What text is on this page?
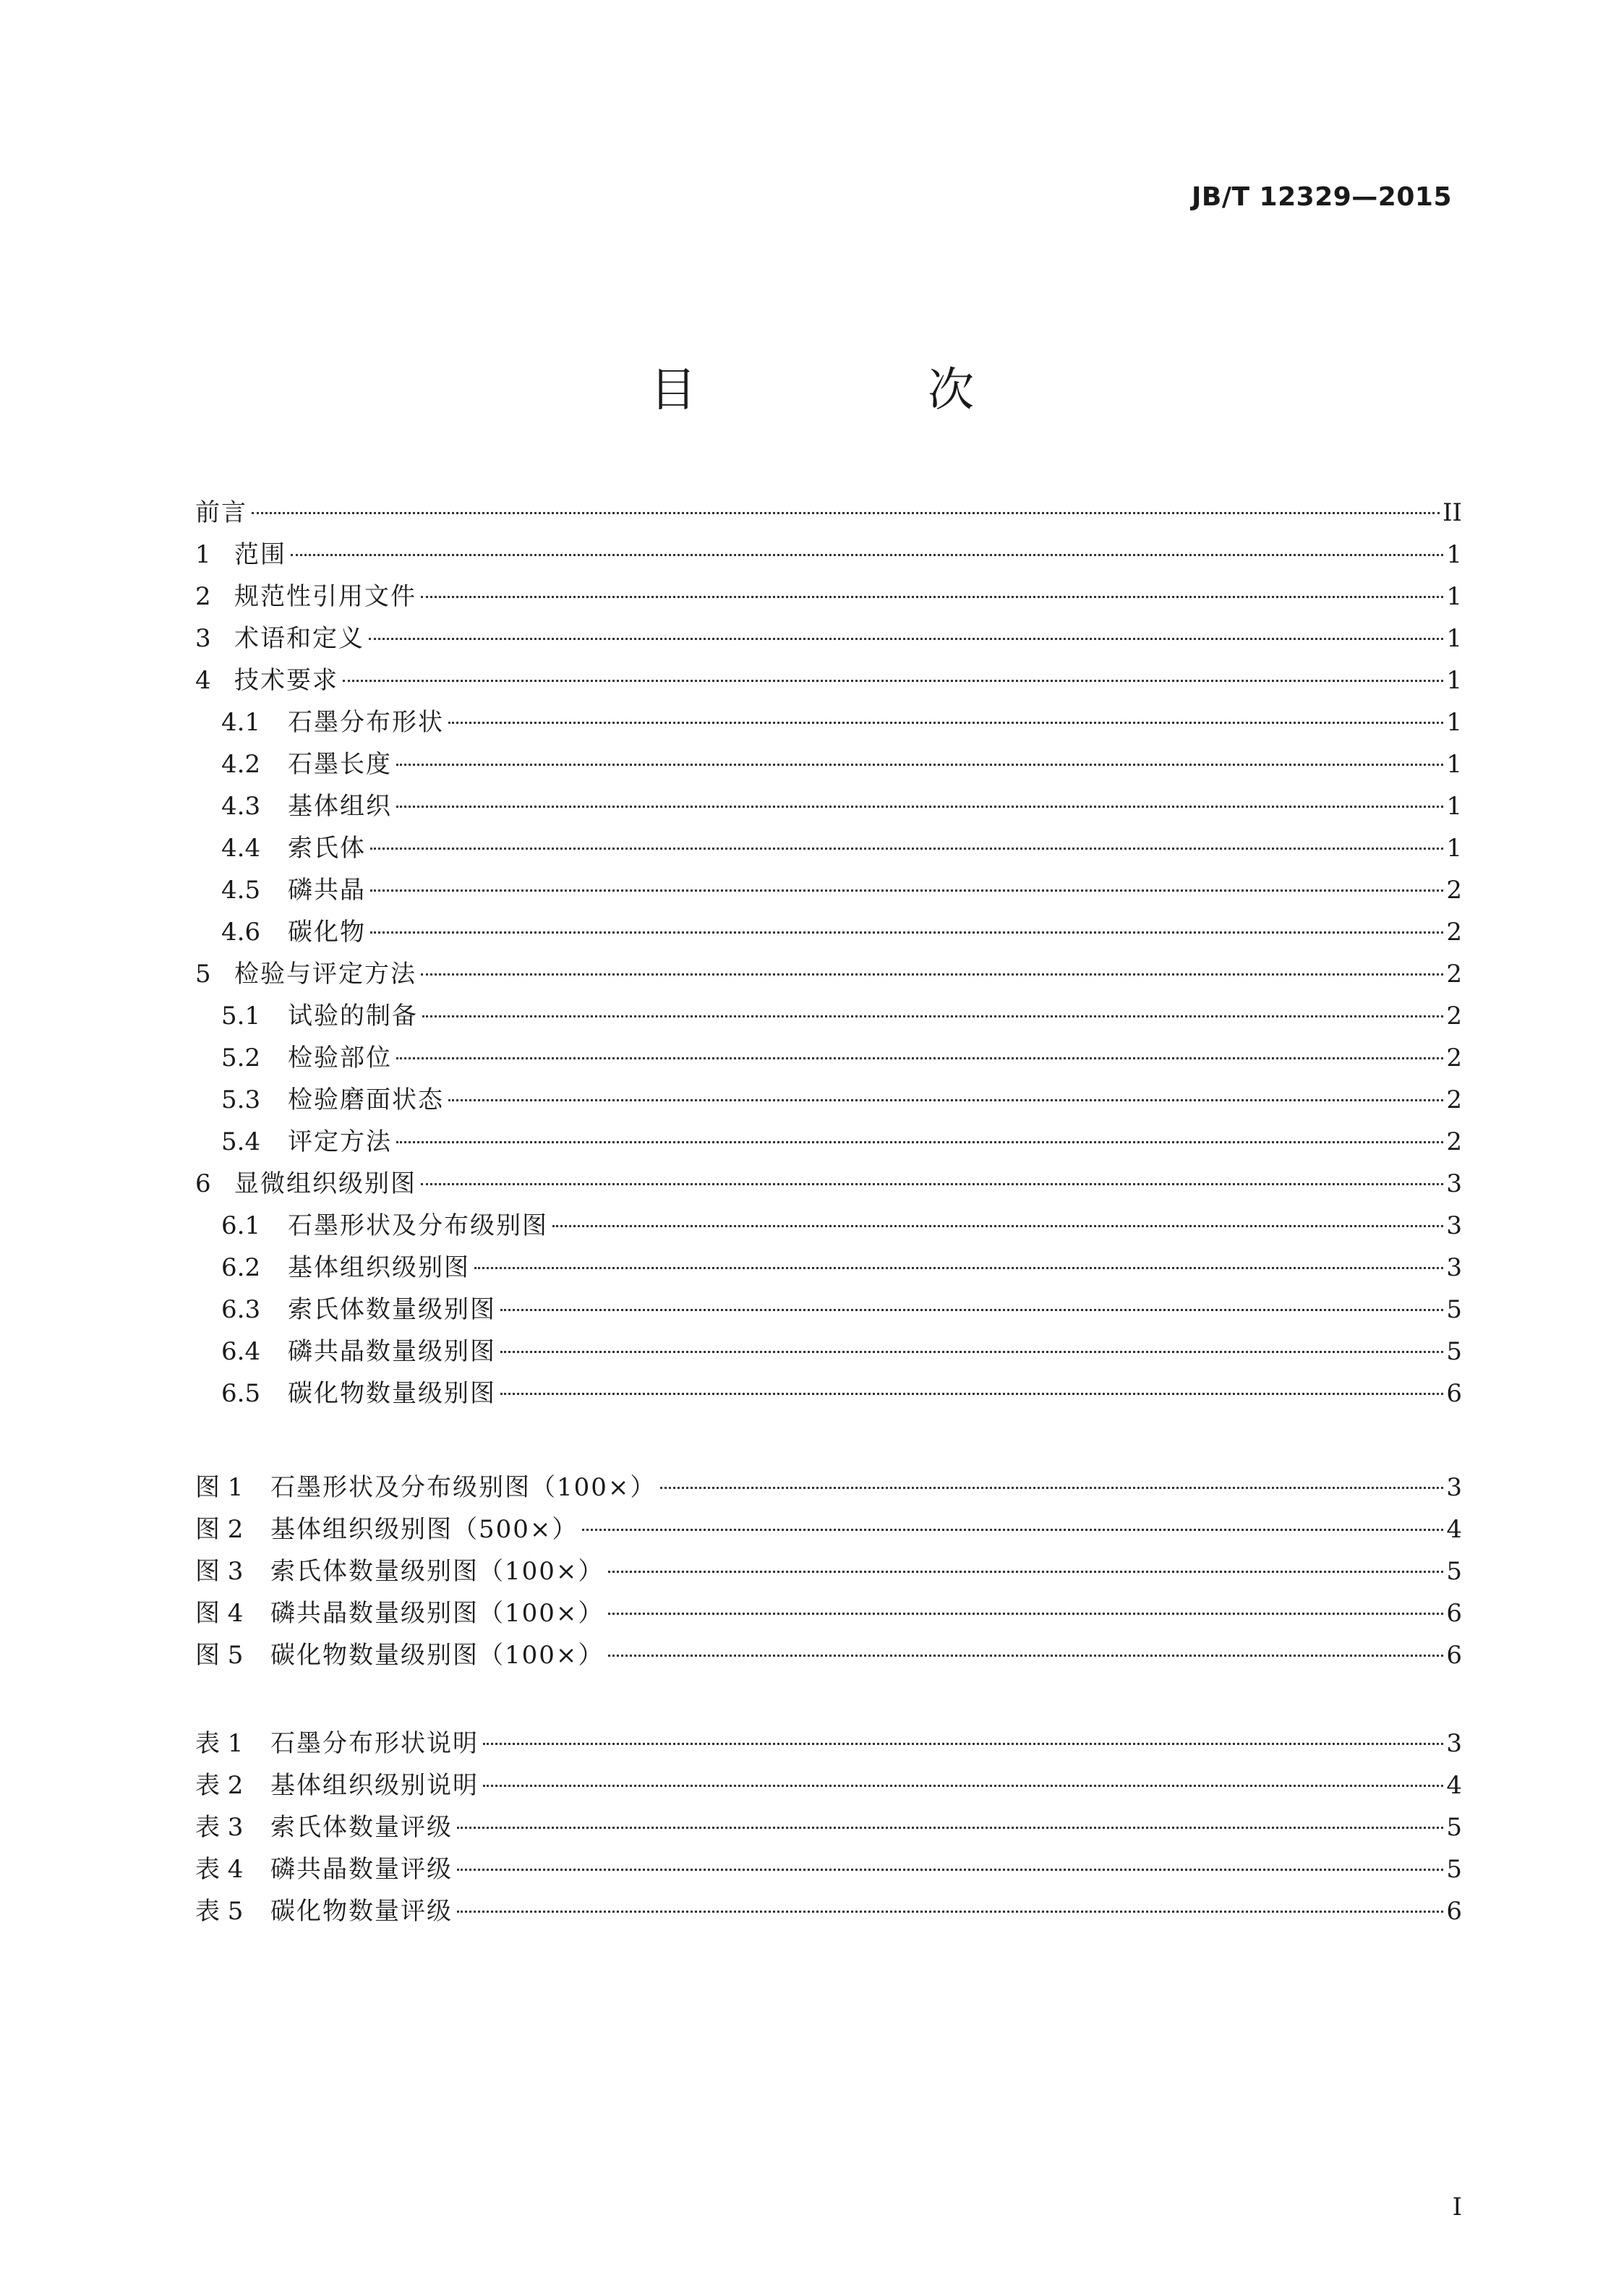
JB/T 12329—2015
目 次
前言	II
1 范围	1
2 规范性引用文件	1
3 术语和定义	1
4 技术要求	1
4.1	石墨分布形状	1
4.2	石墨长度	1
4.3	基体组织	1
4.4	索氏体	1
4.5	磷共晶	2
4.6	碳化物	2
5 检验与评定方法	2
5.1	试验的制备	2
5.2	检验部位	2
5.3	检验磨面状态	2
5.4	评定方法	2
6 显微组织级别图	3
6.1	石墨形状及分布级别图	3
6.2	基体组织级别图	3
6.3	索氏体数量级别图	5
6.4	磷共晶数量级别图	5
6.5	碳化物数量级别图	6
图 1	石墨形状及分布级别图（100×）	3
图 2	基体组织级别图（500×）	4
图 3	索氏体数量级别图（100×）	5
图 4	磷共晶数量级别图（100×）	6
图 5	碳化物数量级别图（100×）	6
表 1	石墨分布形状说明	3
表 2	基体组织级别说明	4
表 3	索氏体数量评级	5
表 4	磷共晶数量评级	5
表 5	碳化物数量评级	6
I
